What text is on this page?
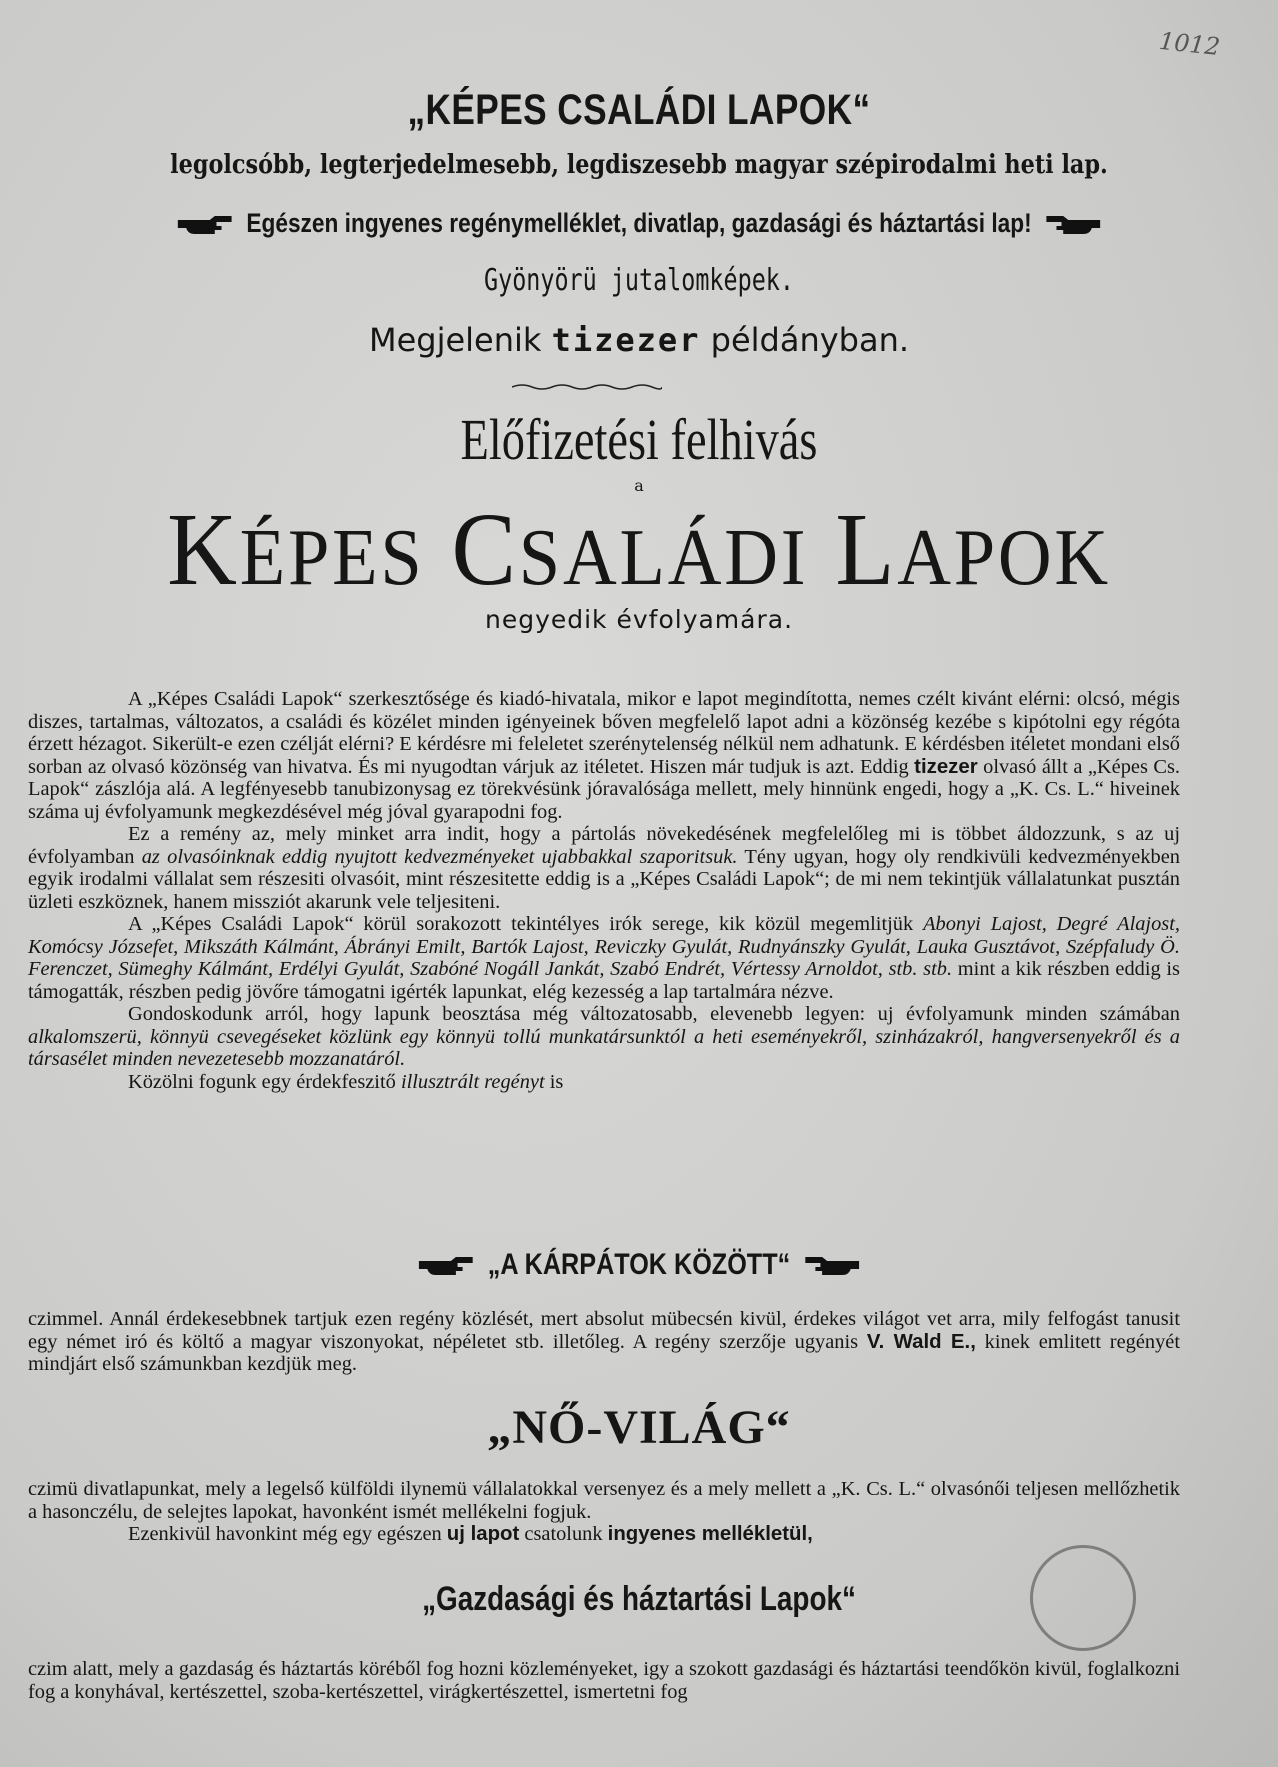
1012
„KÉPES CSALÁDI LAPOK“
legolcsóbb, legterjedelmesebb, legdiszesebb magyar szépirodalmi heti lap.
Egészen ingyenes regénymelléklet, divatlap, gazdasági és háztartási lap!
Gyönyörü jutalomképek.
Megjelenik tizezer példányban.
Előfizetési felhivás
a
KÉPES CSALÁDI LAPOK
negyedik évfolyamára.

A „Képes Családi Lapok“ szerkesztősége és kiadó-hivatala, mikor e lapot megindította, nemes czélt kivánt elérni: olcsó, mégis diszes, tartalmas, változatos, a családi és közélet minden igényeinek bőven megfelelő lapot adni a közönség kezébe s kipótolni egy régóta érzett hézagot. Sikerült-e ezen czélját elérni? E kérdésre mi feleletet szerénytelenség nélkül nem adhatunk. E kérdésben itéletet mondani első sorban az olvasó közönség van hivatva. És mi nyugodtan várjuk az itéletet. Hiszen már tudjuk is azt. Eddig tizezer olvasó állt a „Képes Cs. Lapok“ zászlója alá. A legfényesebb tanubizonysag ez törekvésünk jóravalósága mellett, mely hinnünk engedi, hogy a „K. Cs. L.“ hiveinek száma uj évfolyamunk megkezdésével még jóval gyarapodni fog.

Ez a remény az, mely minket arra indit, hogy a pártolás növekedésének megfelelőleg mi is többet áldozzunk, s az uj évfolyamban az olvasóinknak eddig nyujtott kedvezményeket ujabbakkal szaporitsuk. Tény ugyan, hogy oly rendkivüli kedvezményekben egyik irodalmi vállalat sem részesiti olvasóit, mint részesitette eddig is a „Képes Családi Lapok“; de mi nem tekintjük vállalatunkat pusztán üzleti eszköznek, hanem missziót akarunk vele teljesiteni.

A „Képes Családi Lapok“ körül sorakozott tekintélyes irók serege, kik közül megemlitjük Abonyi Lajost, Degré Alajost, Komócsy Józsefet, Mikszáth Kálmánt, Ábrányi Emilt, Bartók Lajost, Reviczky Gyulát, Rudnyánszky Gyulát, Lauka Gusztávot, Szépfaludy Ö. Ferenczet, Sümeghy Kálmánt, Erdélyi Gyulát, Szabóné Nogáll Jankát, Szabó Endrét, Vértessy Arnoldot, stb. stb. mint a kik részben eddig is támogatták, részben pedig jövőre támogatni igérték lapunkat, elég kezesség a lap tartalmára nézve.

Gondoskodunk arról, hogy lapunk beosztása még változatosabb, elevenebb legyen: uj évfolyamunk minden számában alkalomszerü, könnyü csevegéseket közlünk egy könnyü tollú munkatársunktól a heti eseményekről, szinházakról, hangversenyekről és a társasélet minden nevezetesebb mozzanatáról.

Közölni fogunk egy érdekfeszitő illusztrált regényt is

„A KÁRPÁTOK KÖZÖTT“

czimmel. Annál érdekesebbnek tartjuk ezen regény közlését, mert absolut mübecsén kivül, érdekes világot vet arra, mily felfogást tanusit egy német iró és költő a magyar viszonyokat, népéletet stb. illetőleg. A regény szerzője ugyanis V. Wald E., kinek emlitett regényét mindjárt első számunkban kezdjük meg.

„NŐ-VILÁG“

czimü divatlapunkat, mely a legelső külföldi ilynemü vállalatokkal versenyez és a mely mellett a „K. Cs. L.“ olvasónői teljesen mellőzhetik a hasonczélu, de selejtes lapokat, havonként ismét mellékelni fogjuk.

Ezenkivül havonkint még egy egészen uj lapot csatolunk ingyenes mellékletül,

„Gazdasági és háztartási Lapok“

czim alatt, mely a gazdaság és háztartás köréből fog hozni közleményeket, igy a szokott gazdasági és háztartási teendőkön kivül, foglalkozni fog a konyhával, kertészettel, szoba-kertészettel, virágkertészettel, ismertetni fog
